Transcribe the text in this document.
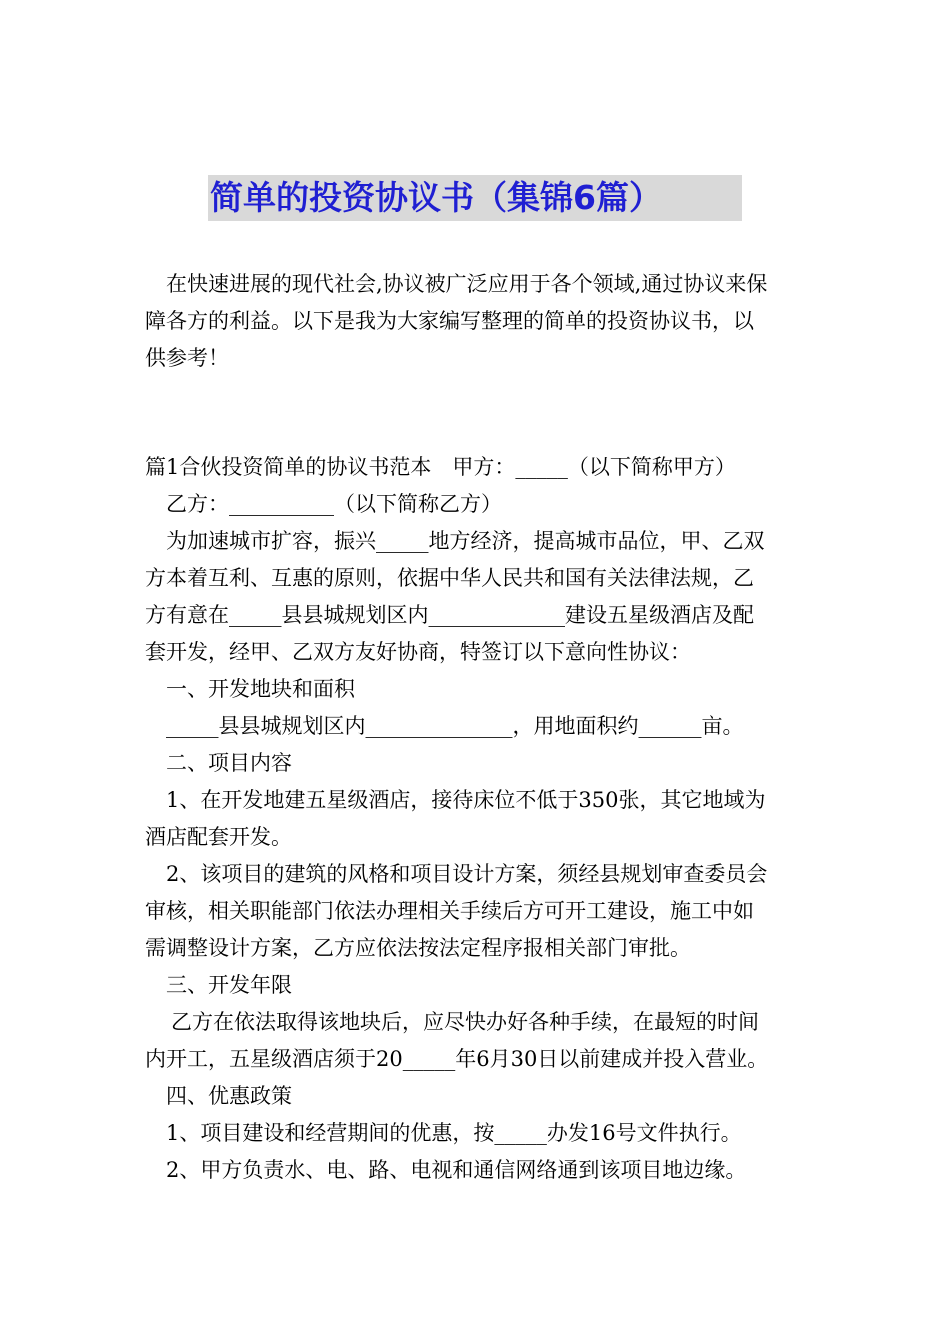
简单的投资协议书（集锦6篇）
在快速进展的现代社会,协议被广泛应用于各个领域,通过协议来保
障各方的利益。以下是我为大家编写整理的简单的投资协议书，以
供参考！
篇1合伙投资简单的协议书范本　甲方：_____（以下简称甲方）
乙方：__________（以下简称乙方）
为加速城市扩容，振兴_____地方经济，提高城市品位，甲、乙双
方本着互利、互惠的原则，依据中华人民共和国有关法律法规，乙
方有意在_____县县城规划区内_____________建设五星级酒店及配
套开发，经甲、乙双方友好协商，特签订以下意向性协议：
一、开发地块和面积
_____县县城规划区内______________，用地面积约______亩。
二、项目内容
1、在开发地建五星级酒店，接待床位不低于350张，其它地域为
酒店配套开发。
2、该项目的建筑的风格和项目设计方案，须经县规划审查委员会
审核，相关职能部门依法办理相关手续后方可开工建设，施工中如
需调整设计方案，乙方应依法按法定程序报相关部门审批。
三、开发年限
乙方在依法取得该地块后，应尽快办好各种手续，在最短的时间
内开工，五星级酒店须于20_____年6月30日以前建成并投入营业。
四、优惠政策
1、项目建设和经营期间的优惠，按_____办发16号文件执行。
2、甲方负责水、电、路、电视和通信网络通到该项目地边缘。
